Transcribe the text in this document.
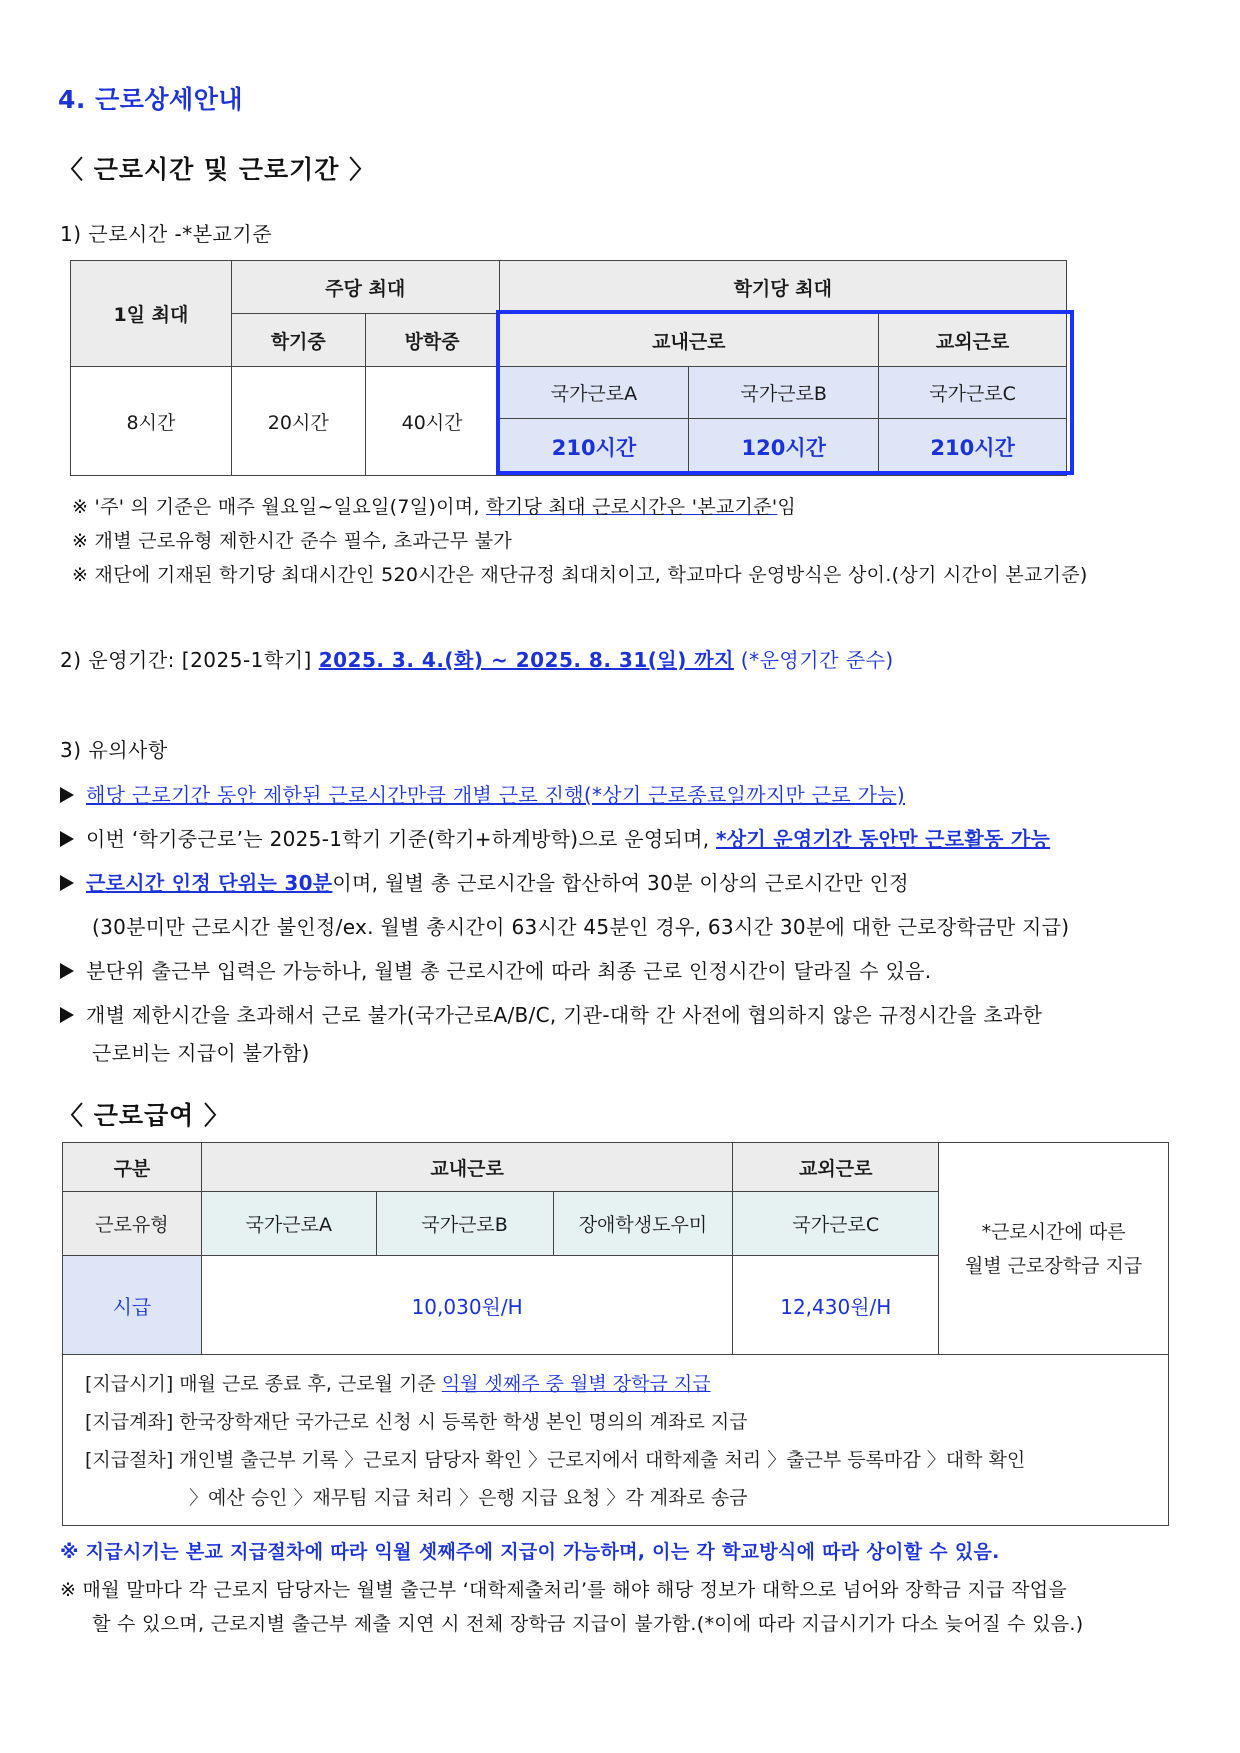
4. 근로상세안내
〈 근로시간 및 근로기간 〉
1) 근로시간 -*본교기준
1일 최대	주당 최대		학기당 최대		
	학기중	방학중	교내근로		교외근로
8시간	20시간	40시간	국가근로A	국가근로B	국가근로C
			210시간	120시간	210시간
※ '주' 의 기준은 매주 월요일~일요일(7일)이며, 학기당 최대 근로시간은 '본교기준'임
※ 개별 근로유형 제한시간 준수 필수, 초과근무 불가
※ 재단에 기재된 학기당 최대시간인 520시간은 재단규정 최대치이고, 학교마다 운영방식은 상이.(상기 시간이 본교기준)
2) 운영기간: [2025-1학기] 2025. 3. 4.(화) ~ 2025. 8. 31(일) 까지 (*운영기간 준수)
3) 유의사항
해당 근로기간 동안 제한된 근로시간만큼 개별 근로 진행(*상기 근로종료일까지만 근로 가능)
이번 ‘학기중근로’는 2025-1학기 기준(학기+하계방학)으로 운영되며, *상기 운영기간 동안만 근로활동 가능
근로시간 인정 단위는 30분이며, 월별 총 근로시간을 합산하여 30분 이상의 근로시간만 인정
(30분미만 근로시간 불인정/ex. 월별 총시간이 63시간 45분인 경우, 63시간 30분에 대한 근로장학금만 지급)
분단위 출근부 입력은 가능하나, 월별 총 근로시간에 따라 최종 근로 인정시간이 달라질 수 있음.
개별 제한시간을 초과해서 근로 불가(국가근로A/B/C, 기관-대학 간 사전에 협의하지 않은 규정시간을 초과한
근로비는 지급이 불가함)
〈 근로급여 〉
구분	교내근로			교외근로	*근로시간에 따른
월별 근로장학금 지급

근로유형	국가근로A	국가근로B	장애학생도우미	국가근로C	
시급	10,030원/H			12,430원/H	

[지급시기] 매월 근로 종료 후, 근로월 기준 익월 셋째주 중 월별 장학금 지급
[지급계좌] 한국장학재단 국가근로 신청 시 등록한 학생 본인 명의의 계좌로 지급
[지급절차] 개인별 출근부 기록 〉근로지 담당자 확인 〉근로지에서 대학제출 처리 〉출근부 등록마감 〉대학 확인
〉예산 승인 〉재무팀 지급 처리 〉은행 지급 요청 〉각 계좌로 송금					
※ 지급시기는 본교 지급절차에 따라 익월 셋째주에 지급이 가능하며, 이는 각 학교방식에 따라 상이할 수 있음.
※ 매월 말마다 각 근로지 담당자는 월별 출근부 ‘대학제출처리’를 해야 해당 정보가 대학으로 넘어와 장학금 지급 작업을
할 수 있으며, 근로지별 출근부 제출 지연 시 전체 장학금 지급이 불가함.(*이에 따라 지급시기가 다소 늦어질 수 있음.)
